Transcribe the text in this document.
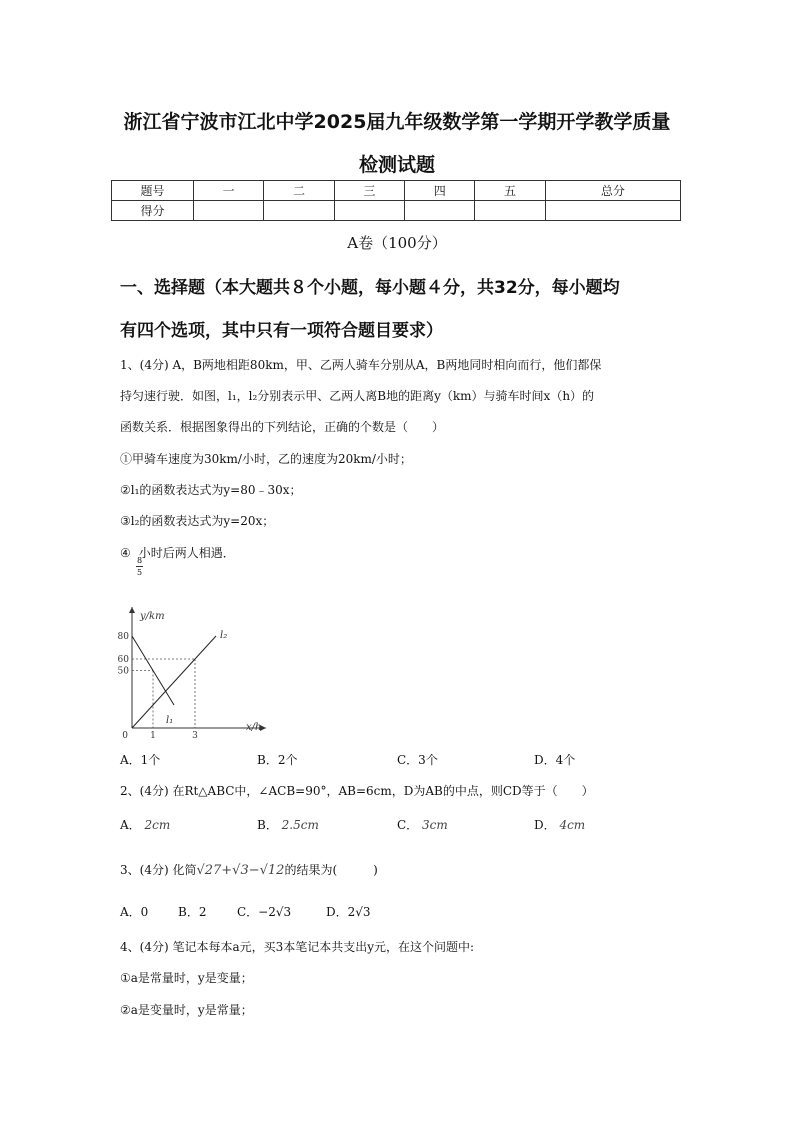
浙江省宁波市江北中学2025届九年级数学第一学期开学教学质量
检测试题
题号	一	二	三	四	五	总分
得分						
A卷（100分）
一、选择题（本大题共８个小题，每小题４分，共32分，每小题均
有四个选项，其中只有一项符合题目要求）
1、(4分) A，B两地相距80km，甲、乙两人骑车分别从A，B两地同时相向而行，他们都保
持匀速行驶．如图，l₁，l₂分别表示甲、乙两人离B地的距离y（km）与骑车时间x（h）的
函数关系．根据图象得出的下列结论，正确的个数是（　　）
①甲骑车速度为30km/小时，乙的速度为20km/小时；
②l₁的函数表达式为y=80﹣30x；
③l₂的函数表达式为y=20x；
④ 小时后两人相遇．
8
5
y/km
x/h
0 1	3
50
60
80
l₁
l₂
A．1个	B．2个	C．3个	D．4个
2、(4分) 在Rt△ABC中，∠ACB=90°，AB=6cm，D为AB的中点，则CD等于（　　）
A． 2cm	B． 2.5cm	C． 3cm	D． 4cm
3、(4分) 化简√27+√3−√12的结果为(　　　)
A．0 B．2	C．−2√3	D．2√3
4、(4分) 笔记本每本a元，买3本笔记本共支出y元，在这个问题中:
①a是常量时，y是变量；
②a是变量时，y是常量；
